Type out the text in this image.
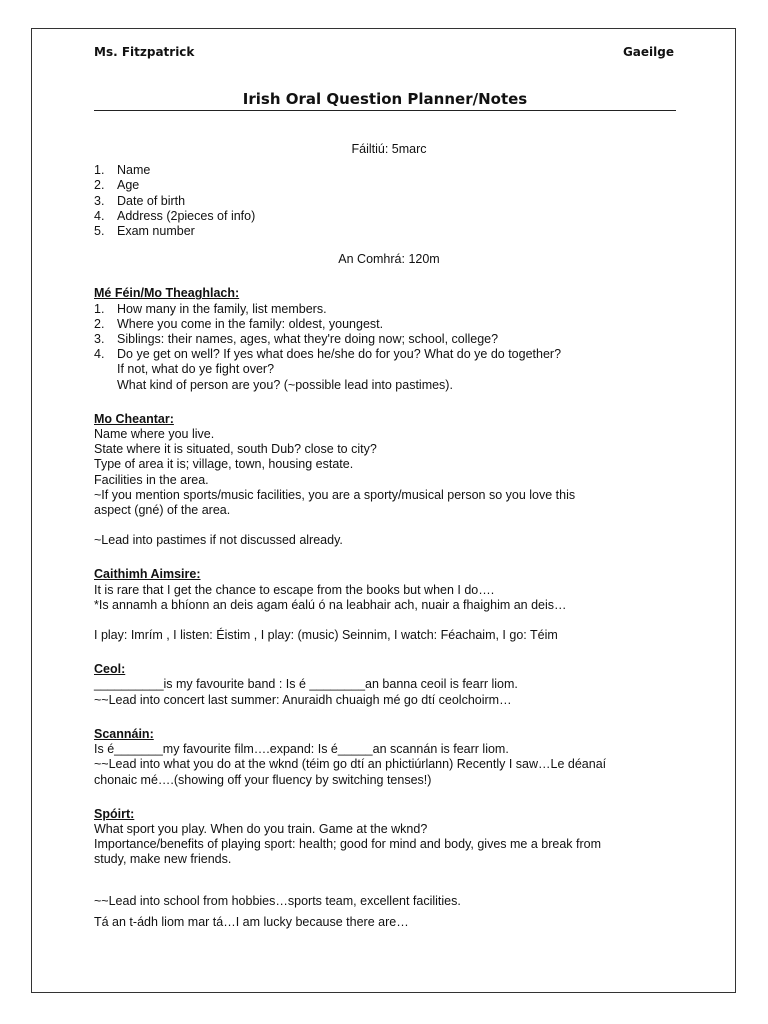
Ms. Fitzpatrick	Gaeilge
Irish Oral Question Planner/Notes

Fáiltiú: 5marc

1. Name
2. Age
3. Date of birth
4. Address (2pieces of info)
5. Exam number

An Comhrá: 120m

Mé Féin/Mo Theaghlach:

1. How many in the family, list members.
2. Where you come in the family: oldest, youngest.
3. Siblings: their names, ages, what they're doing now; school, college?
4. Do ye get on well? If yes what does he/she do for you? What do ye do together?

If not, what do ye fight over?

What kind of person are you? (~possible lead into pastimes).

Mo Cheantar:

Name where you live.

State where it is situated, south Dub? close to city?

Type of area it is; village, town, housing estate.

Facilities in the area.

~If you mention sports/music facilities, you are a sporty/musical person so you love this

aspect (gné) of the area.

~Lead into pastimes if not discussed already.

Caithimh Aimsire:

It is rare that I get the chance to escape from the books but when I do….

*Is annamh a bhíonn an deis agam éalú ó na leabhair ach, nuair a fhaighim an deis…

I play: Imrím , I listen: Éistim , I play: (music) Seinnim, I watch: Féachaim, I go: Téim

Ceol:

__________is my favourite band : Is é ________an banna ceoil is fearr liom.

~~Lead into concert last summer: Anuraidh chuaigh mé go dtí ceolchoirm…

Scannáin:

Is é_______my favourite film….expand: Is é_____an scannán is fearr liom.

~~Lead into what you do at the wknd (téim go dtí an phictiúrlann) Recently I saw…Le déanaí

chonaic mé….(showing off your fluency by switching tenses!)

Spóirt:

What sport you play. When do you train. Game at the wknd?

Importance/benefits of playing sport: health; good for mind and body, gives me a break from

study, make new friends.

~~Lead into school from hobbies…sports team, excellent facilities.

Tá an t-ádh liom mar tá…I am lucky because there are…
